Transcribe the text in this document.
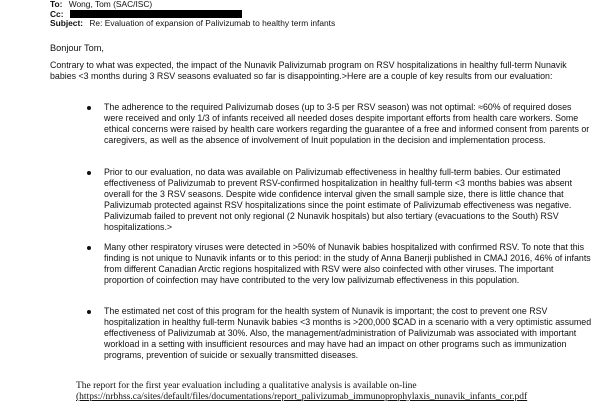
To: Wong, Tom (SAC/ISC)
Cc:
Subject: Re: Evaluation of expansion of Palivizumab to healthy term infants
Bonjour Tom,
Contrary to what was expected, the impact of the Nunavik Palivizumab program on RSV hospitalizations in healthy full-term Nunavik babies <3 months during 3 RSV seasons evaluated so far is disappointing.>Here are a couple of key results from our evaluation:
The adherence to the required Palivizumab doses (up to 3-5 per RSV season) was not optimal: ≈60% of required doses were received and only 1/3 of infants received all needed doses despite important efforts from health care workers. Some ethical concerns were raised by health care workers regarding the guarantee of a free and informed consent from parents or caregivers, as well as the absence of involvement of Inuit population in the decision and implementation process.
Prior to our evaluation, no data was available on Palivizumab effectiveness in healthy full-term babies. Our estimated effectiveness of Palivizumab to prevent RSV-confirmed hospitalization in healthy full-term <3 months babies was absent overall for the 3 RSV seasons. Despite wide confidence interval given the small sample size, there is little chance that Palivizumab protected against RSV hospitalizations since the point estimate of Palivizumab effectiveness was negative. Palivizumab failed to prevent not only regional (2 Nunavik hospitals) but also tertiary (evacuations to the South) RSV hospitalizations.>
Many other respiratory viruses were detected in >50% of Nunavik babies hospitalized with confirmed RSV. To note that this finding is not unique to Nunavik infants or to this period: in the study of Anna Banerji published in CMAJ 2016, 46% of infants from different Canadian Arctic regions hospitalized with RSV were also coinfected with other viruses. The important proportion of coinfection may have contributed to the very low palivizumab effectiveness in this population.
The estimated net cost of this program for the health system of Nunavik is important; the cost to prevent one RSV hospitalization in healthy full-term Nunavik babies <3 months is >200,000 $CAD in a scenario with a very optimistic assumed effectiveness of Palivizumab at 30%. Also, the management/administration of Palivizumab was associated with important workload in a setting with insufficient resources and may have had an impact on other programs such as immunization programs, prevention of suicide or sexually transmitted diseases.
The report for the first year evaluation including a qualitative analysis is available on-line
(https://nrbhss.ca/sites/default/files/documentations/report_palivizumab_immunoprophylaxis_nunavik_infants_cor.pdf
